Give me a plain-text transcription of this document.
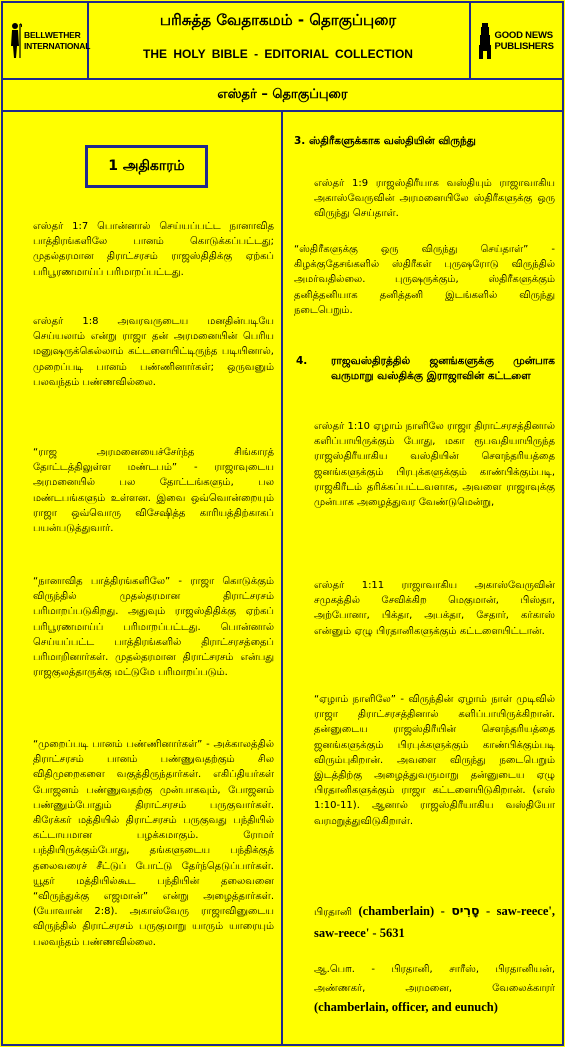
BELLWETHER INTERNATIONAL
பரிசுத்த வேதாகமம் - தொகுப்புரை
THE HOLY BIBLE - EDITORIAL COLLECTION
GOOD NEWS PUBLISHERS
எஸ்தர் – தொகுப்புரை
1 அதிகாரம்
எஸ்தர் 1:7 பொன்னால் செய்யப்பட்ட நானாவித பாத்திரங்களிலே பானம் கொடுக்கப்பட்டது; முதல்தரமான திராட்சரசம் ராஜஸ்திதிக்கு ஏற்கப் பரிபூரணமாய்ப் பரிமாறப்பட்டது.
எஸ்தர் 1:8 அவரவருடைய மனதின்படியே செய்யலாம் என்று ராஜா தன் அரமனையின் பெரிய மனுஷருக்கெல்லாம் கட்டளையிட்டிருந்த படியினால், முறைப்படி பானம் பண்ணினார்கள்; ஒருவனும் பலவந்தம் பண்ணவில்லை.
“ராஜ அரமனையைச்சேர்ந்த சிங்காரத் தோட்டத்திலுள்ள மண்டபம்” - ராஜாவுடைய அரமனையில் பல தோட்டங்களும், பல மண்டபங்களும் உள்ளன. இவை ஒவ்வொன்றையும் ராஜா ஒவ்வொரு விசேஷித்த காரியத்திற்காகப் பயன்படுத்துவார்.
“நானாவித பாத்திரங்களிலே” - ராஜா கொடுக்கும் விருந்தில் முதல்தரமான திராட்சரசம் பரிமாறப்படுகிறது. அதுவும் ராஜஸ்திதிக்கு ஏற்கப் பரிபூரணமாய்ப் பரிமாறப்பட்டது. பொன்னால் செய்யப்பட்ட பாத்திரங்களில் திராட்சரசத்தைப் பரிமாறினார்கள். முதல்தரமான திராட்சரசம் என்பது ராஜகுலத்தாருக்கு மட்டுமே பரிமாறப்படும்.
“முறைப்படி பானம் பண்ணினார்கள்” - அக்காலத்தில் திராட்சரசம் பானம் பண்ணுவதற்கும் சில விதிமுறைகளை வகுத்திருந்தார்கள். எகிப்தியர்கள் போஜனம் பண்ணுவதற்கு முன்பாகவும், போஜனம் பண்ணும்போதும் திராட்சரசம் பருகுவார்கள். கிரேக்கர் மத்தியில் திராட்சரசம் பருகுவது பந்தியில் கட்டாயமான பழக்கமாகும். ரோமர் பந்தியிருக்கும்போது, தங்களுடைய பந்திக்குத் தலைவரைச் சீட்டுப் போட்டு தேர்ந்தெடுப்பார்கள். யூதர் மத்தியில்கூட பந்தியின் தலைவனை “விருந்துக்கு எஜமான்” என்று அழைத்தார்கள். (யோவான் 2:8). அகாஸ்வேரு ராஜாவினுடைய விருந்தில் திராட்சரசம் பருகுமாறு யாரும் யாரையும் பலவந்தம் பண்ணவில்லை.
3. ஸ்திரீகளுக்காக வஸ்தியின் விருந்து
எஸ்தர் 1:9 ராஜஸ்திரீயாக வஸ்தியும் ராஜாவாகிய அகாஸ்வேருவின் அரமனையிலே ஸ்திரீகளுக்கு ஒரு விருந்து செய்தாள்.
“ஸ்திரீகளுக்கு ஒரு விருந்து செய்தாள்” - கிழக்குதேசங்களில் ஸ்திரீகள் புருஷரோடு விருந்தில் அமர்வதில்லை. புருஷருக்கும், ஸ்திரீகளுக்கும் தனித்தனியாக தனித்தனி இடங்களில் விருந்து நடைபெறும்.
4.	ராஜவஸ்திரத்தில் ஜனங்களுக்கு முன்பாக வருமாறு வஸ்திக்கு இராஜாவின் கட்டளை
எஸ்தர் 1:10 ஏழாம் நாளிலே ராஜா திராட்சரசத்தினால் களிப்பாயிருக்கும் போது, மகா ரூபவதியாயிருந்த ராஜஸ்திரீயாகிய வஸ்தியின் சௌந்தரியத்தை ஜனங்களுக்கும் பிரபுக்களுக்கும் காண்பிக்கும்படி, ராஜகிரீடம் தரிக்கப்பட்டவளாக, அவளை ராஜாவுக்கு முன்பாக அழைத்துவர வேண்டுமென்று,
எஸ்தர் 1:11 ராஜாவாகிய அகாஸ்வேருவின் சமுகத்தில் சேவிக்கிற மெகுமான், பிஸ்தா, அற்போனா, பிக்தா, அபக்தா, சேதார், கர்காஸ் என்னும் ஏழு பிரதானிகளுக்கும் கட்டளையிட்டான்.
“ஏழாம் நாளிலே” - விருந்தின் ஏழாம் நாள் முடிவில் ராஜா திராட்சரசத்தினால் களிப்பாயிருக்கிறான். தன்னுடைய ராஜஸ்திரீயின் சௌந்தரியத்தை ஜனங்களுக்கும் பிரபுக்களுக்கும் காண்பிக்கும்படி விரும்புகிறான். அவளை விருந்து நடைபெறும் இடத்திற்கு அழைத்துவருமாறு தன்னுடைய ஏழு பிரதானிகளுக்கும் ராஜா கட்டளையிடுகிறான். (எஸ் 1:10-11). ஆனால் ராஜஸ்திரீயாகிய வஸ்தியோ வரமறுத்துவிடுகிறாள்.
பிரதானி (chamberlain) - סָרִיס - saw-reece', saw-reece' - 5631
ஆ.பெ௱. - பிரதானி, சாரீஸ், பிரதானியன், அண்ணகர், அரமனை, வேலைக்காரர் (chamberlain, officer, and eunuch)
